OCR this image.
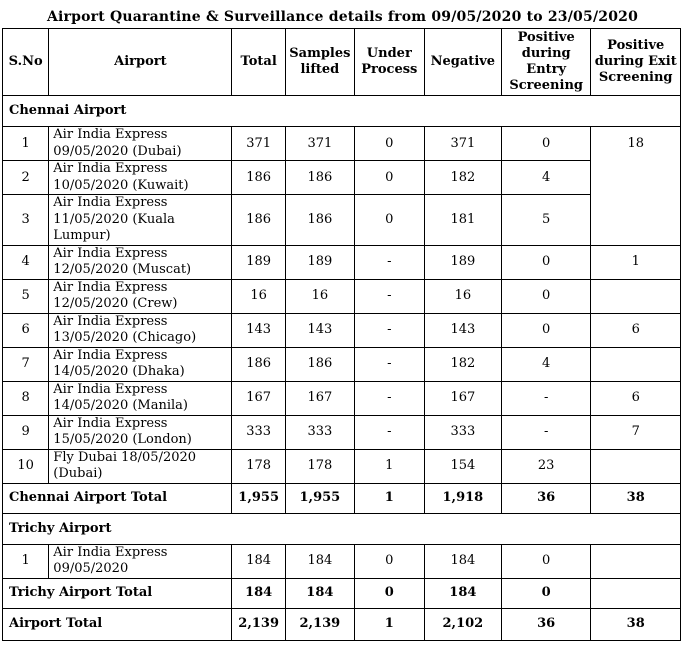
Airport Quarantine & Surveillance details from 09/05/2020 to 23/05/2020
S.No	Airport	Total	Samples lifted	Under Process	Negative	Positive during Entry Screening	Positive during Exit Screening
Chennai Airport							
1	Air India Express 09/05/2020 (Dubai)	371	371	0	371	0	18
2	Air India Express 10/05/2020 (Kuwait)	186	186	0	182	4	
3	Air India Express 11/05/2020 (Kuala Lumpur)	186	186	0	181	5	
4	Air India Express 12/05/2020 (Muscat)	189	189	-	189	0	1
5	Air India Express 12/05/2020 (Crew)	16	16	-	16	0	
6	Air India Express 13/05/2020 (Chicago)	143	143	-	143	0	6
7	Air India Express 14/05/2020 (Dhaka)	186	186	-	182	4	
8	Air India Express 14/05/2020 (Manila)	167	167	-	167	-	6
9	Air India Express 15/05/2020 (London)	333	333	-	333	-	7
10	Fly Dubai 18/05/2020 (Dubai)	178	178	1	154	23	
Chennai Airport Total		1,955	1,955	1	1,918	36	38
Trichy Airport							
1	Air India Express 09/05/2020	184	184	0	184	0	
Trichy Airport Total		184	184	0	184	0	
Airport Total		2,139	2,139	1	2,102	36	38
